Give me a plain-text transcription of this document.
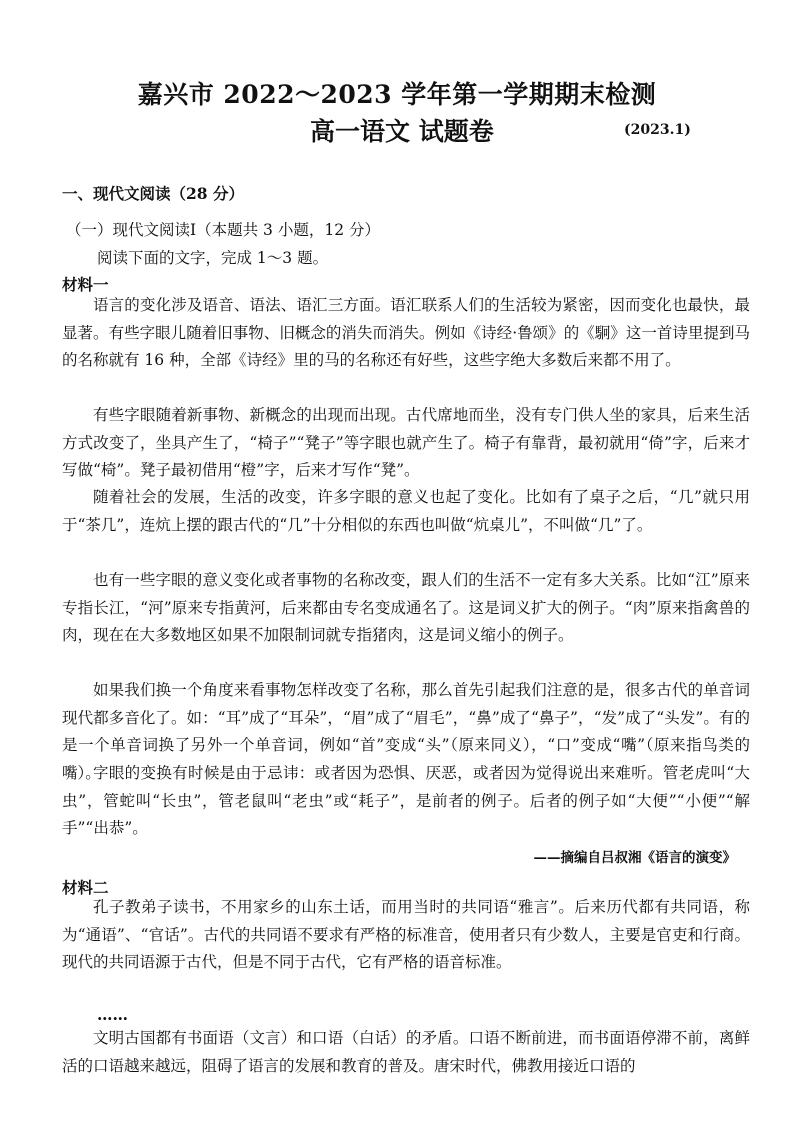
嘉兴市 2022～2023 学年第一学期期末检测
高一语文 试题卷	(2023.1)
一、现代文阅读（28 分）
（一）现代文阅读Ⅰ（本题共 3 小题，12 分）
阅读下面的文字，完成 1～3 题。
材料一
语言的变化涉及语音、语法、语汇三方面。语汇联系人们的生活较为紧密，因而变化也最快，最显著。有些字眼儿随着旧事物、旧概念的消失而消失。例如《诗经·鲁颂》的《駉》这一首诗里提到马的名称就有 16 种，全部《诗经》里的马的名称还有好些，这些字绝大多数后来都不用了。
有些字眼随着新事物、新概念的出现而出现。古代席地而坐，没有专门供人坐的家具，后来生活方式改变了，坐具产生了，“椅子”“凳子”等字眼也就产生了。椅子有靠背，最初就用“倚”字，后来才写做“椅”。凳子最初借用“橙”字，后来才写作“凳”。
随着社会的发展，生活的改变，许多字眼的意义也起了变化。比如有了桌子之后，“几”就只用于“茶几”，连炕上摆的跟古代的“几”十分相似的东西也叫做“炕桌儿”，不叫做“几”了。
也有一些字眼的意义变化或者事物的名称改变，跟人们的生活不一定有多大关系。比如“江”原来专指长江，“河”原来专指黄河，后来都由专名变成通名了。这是词义扩大的例子。“肉”原来指禽兽的肉，现在在大多数地区如果不加限制词就专指猪肉，这是词义缩小的例子。
如果我们换一个角度来看事物怎样改变了名称，那么首先引起我们注意的是，很多古代的单音词现代都多音化了。如：“耳”成了“耳朵”，“眉”成了“眉毛”，“鼻”成了“鼻子”，“发”成了“头发”。有的是一个单音词换了另外一个单音词，例如“首”变成“头”（原来同义），“口”变成“嘴”（原来指鸟类的嘴）。
字眼的变换有时候是由于忌讳：或者因为恐惧、厌恶，或者因为觉得说出来难听。管老虎叫“大虫”，管蛇叫“长虫”，管老鼠叫“老虫”或“耗子”，是前者的例子。后者的例子如“大便”“小便”“解手”“出恭”。
——摘编自吕叔湘《语言的演变》
材料二
孔子教弟子读书，不用家乡的山东土话，而用当时的共同语“雅言”。后来历代都有共同语，称为“通语”、“官话”。古代的共同语不要求有严格的标准音，使用者只有少数人，主要是官吏和行商。现代的共同语源于古代，但是不同于古代，它有严格的语音标准。
……
文明古国都有书面语（文言）和口语（白话）的矛盾。口语不断前进，而书面语停滞不前，离鲜活的口语越来越远，阻碍了语言的发展和教育的普及。唐宋时代，佛教用接近口语的
